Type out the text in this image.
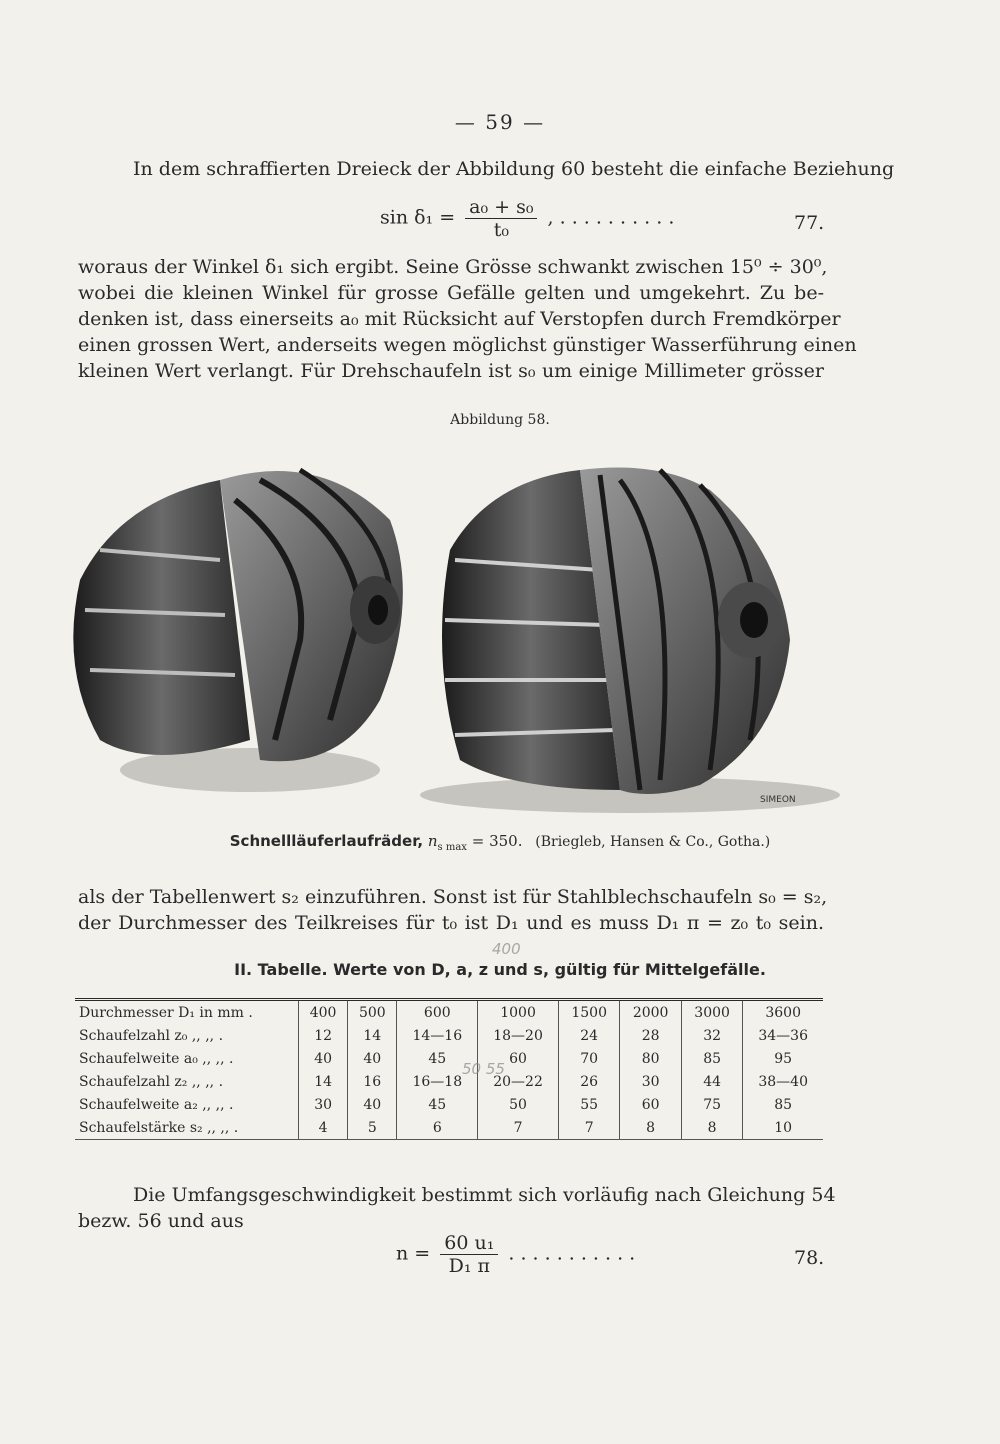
— 59 —
In dem schraffierten Dreieck der Abbildung 60 besteht die einfache Beziehung
$\sin \delta_1 = \frac{\text{a₀ + s₀}}{\text{t₀}}$ , . . . . . . . . . .	77.
woraus der Winkel δ₁ sich ergibt. Seine Grösse schwankt zwischen 15⁰ ÷ 30⁰,
wobei die kleinen Winkel für grosse Gefälle gelten und umgekehrt. Zu be-
denken ist, dass einerseits a₀ mit Rücksicht auf Verstopfen durch Fremdkörper
einen grossen Wert, anderseits wegen möglichst günstiger Wasserführung einen
kleinen Wert verlangt. Für Drehschaufeln ist s₀ um einige Millimeter grösser
Abbildung 58.
SIMEON
Schnellläuferlaufräder, $n_{s max} = 350$. (Briegleb, Hansen & Co., Gotha.)
als der Tabellenwert s₂ einzuführen. Sonst ist für Stahlblechschaufeln s₀ = s₂,
der Durchmesser des Teilkreises für t₀ ist D₁ und es muss D₁ π = z₀ t₀ sein.
400
II. Tabelle. Werte von D, a, z und s, gültig für Mittelgefälle.
Durchmesser D₁ in mm .	400	500	600	1000	1500	2000	3000	3600
Schaufelzahl z₀ ,, ,, .	12	14	14—16	18—20	24	28	32	34—36
Schaufelweite a₀ ,, ,, .	40	40	45	60	70	80	85	95
Schaufelzahl z₂ ,, ,, .	14	16	16—18	20—22	26	30	44	38—40
Schaufelweite a₂ ,, ,, .	30	40	45	50	55	60	75	85
Schaufelstärke s₂ ,, ,, .	4	5	6	7	7	8	8	10
50 55
Die Umfangsgeschwindigkeit bestimmt sich vorläufig nach Gleichung 54
bezw. 56 und aus
$n = \frac{\text{60 u₁}}{\text{D₁ π}}$ . . . . . . . . . . .	78.
